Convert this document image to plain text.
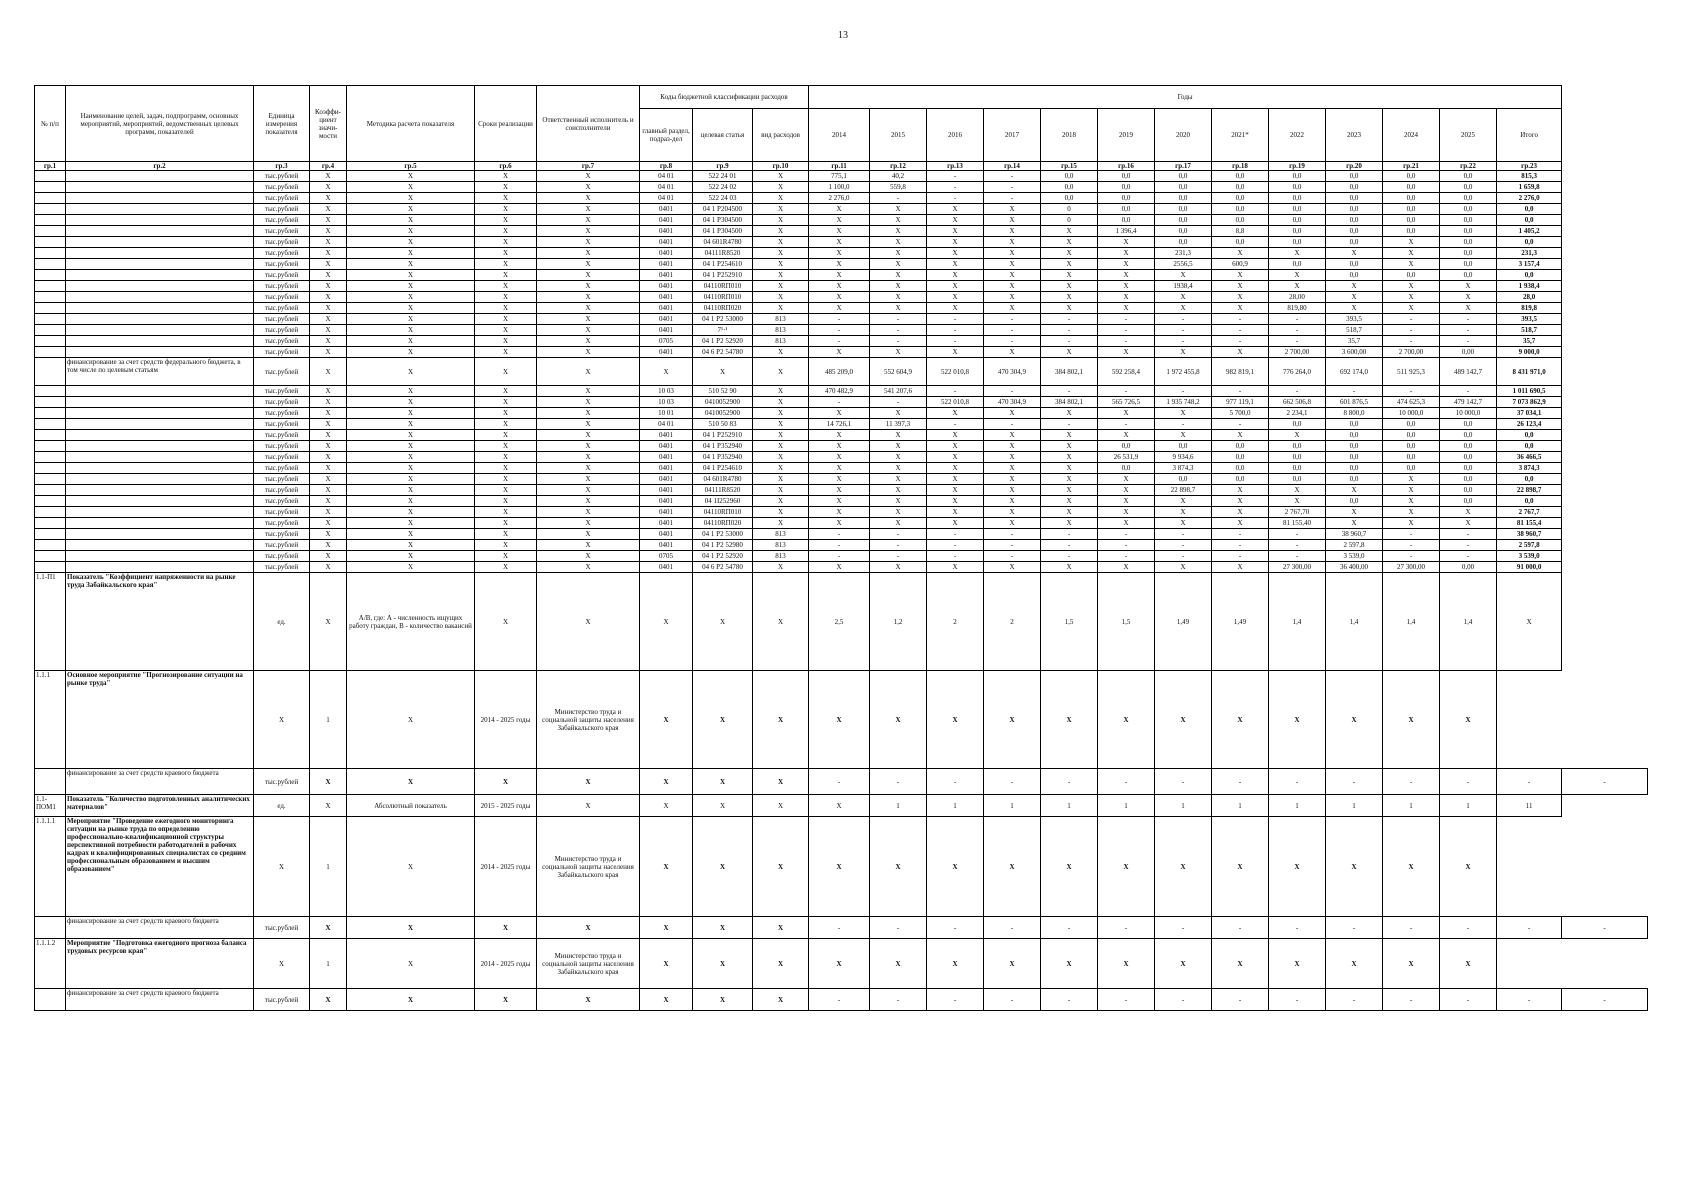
13
№ п/п	Наименование целей, задач, подпрограмм, основных мероприятий, мероприятий, ведомственных целевых программ, показателей	Единица измерения показателя	Коэффи-циент значи-мости	Методика расчета показателя	Сроки реализации	Ответственный исполнитель и соисполнители	Коды бюджетной классификации расходов			Годы													
							главный раздел, подраз-дел	целевая статья	вид расходов	2014	2015	2016	2017	2018	2019	2020	2021*	2022	2023	2024	2025	Итого	
гр.1	гр.2	гр.3	гр.4	гр.5	гр.6	гр.7	гр.8	гр.9	гр.10	гр.11	гр.12	гр.13	гр.14	гр.15	гр.16	гр.17	гр.18	гр.19	гр.20	гр.21	гр.22	гр.23	
		тыс.рублей	X	X	X	X	04 01	522 24 01	X	775,1	40,2	-	-	0,0	0,0	0,0	0,0	0,0	0,0	0,0	0,0	815,3	
		тыс.рублей	X	X	X	X	04 01	522 24 02	X	1 100,0	559,8	-	-	0,0	0,0	0,0	0,0	0,0	0,0	0,0	0,0	1 659,8	
		тыс.рублей	X	X	X	X	04 01	522 24 03	X	2 276,0	-	-	-	0,0	0,0	0,0	0,0	0,0	0,0	0,0	0,0	2 276,0	
		тыс.рублей	X	X	X	X	0401	04 1 P204500	X	X	X	X	X	0	0,0	0,0	0,0	0,0	0,0	0,0	0,0	0,0	
		тыс.рублей	X	X	X	X	0401	04 1 P304500	X	X	X	X	X	0	0,0	0,0	0,0	0,0	0,0	0,0	0,0	0,0	
		тыс.рублей	X	X	X	X	0401	04 1 P304500	X	X	X	X	X	X	1 396,4	0,0	8,8	0,0	0,0	0,0	0,0	1 405,2	
		тыс.рублей	X	X	X	X	0401	04 601R4780	X	X	X	X	X	X	X	0,0	0,0	0,0	0,0	X	0,0	0,0	
		тыс.рублей	X	X	X	X	0401	04111R8520	X	X	X	X	X	X	X	231,3	X	X	X	X	0,0	231,3	
		тыс.рублей	X	X	X	X	0401	04 1 P254610	X	X	X	X	X	X	X	2556,5	600,9	0,0	0,0	X	0,0	3 157,4	
		тыс.рублей	X	X	X	X	0401	04 1 P252910	X	X	X	X	X	X	X	X	X	X	0,0	0,0	0,0	0,0	
		тыс.рублей	X	X	X	X	0401	04110RП010	X	X	X	X	X	X	X	1938,4	X	X	X	X	X	1 938,4	
		тыс.рублей	X	X	X	X	0401	04110RП010	X	X	X	X	X	X	X	X	X	28,00	X	X	X	28,0	
		тыс.рублей	X	X	X	X	0401	04110RП020	X	X	X	X	X	X	X	X	X	819,80	X	X	X	819,8	
		тыс.рублей	X	X	X	X	0401	04 1 P2 53000	813	-	-	-	-	-	-	-	-	-	393,5	-	-	393,5	
		тыс.рублей	X	X	X	X	0401	7¹·¹	813	-	-	-	-	-	-	-	-	-	518,7	-	-	518,7	
		тыс.рублей	X	X	X	X	0705	04 1 P2 52920	813	-	-	-	-	-	-	-	-	-	35,7	-	-	35,7	
		тыс.рублей	X	X	X	X	0401	04 6 P2 54780	X	X	X	X	X	X	X	X	X	2 700,00	3 600,00	2 700,00	0,00	9 000,0	
	финансирование за счет средств федерального бюджета, в том числе по целевым статьям	тыс.рублей	X	X	X	X	X	X	X	485 209,0	552 604,9	522 010,8	470 304,9	384 802,1	592 258,4	1 972 455,8	982 819,1	776 264,0	692 174,0	511 925,3	489 142,7	8 431 971,0	
		тыс.рублей	X	X	X	X	10 03	510 52 90	X	470 482,9	541 207,6	-	-	-	-	-	-	-	-	-	-	1 011 690,5	
		тыс.рублей	X	X	X	X	10 03	0410052900	X	-	-	522 010,8	470 304,9	384 802,1	565 726,5	1 935 748,2	977 119,1	662 506,8	601 876,5	474 625,3	479 142,7	7 073 862,9	
		тыс.рублей	X	X	X	X	10 01	0410052900	X	X	X	X	X	X	X	X	5 700,0	2 234,1	8 800,0	10 000,0	10 000,0	37 034,1	
		тыс.рублей	X	X	X	X	04 01	510 50 83	X	14 726,1	11 397,3	-	-	-	-	-	-	0,0	0,0	0,0	0,0	26 123,4	
		тыс.рублей	X	X	X	X	0401	04 1 P252910	X	X	X	X	X	X	X	X	X	X	0,0	0,0	0,0	0,0	
		тыс.рублей	X	X	X	X	0401	04 1 P352940	X	X	X	X	X	X	0,0	0,0	0,0	0,0	0,0	0,0	0,0	0,0	
		тыс.рублей	X	X	X	X	0401	04 1 P352940	X	X	X	X	X	X	26 531,9	9 934,6	0,0	0,0	0,0	0,0	0,0	36 466,5	
		тыс.рублей	X	X	X	X	0401	04 1 P254610	X	X	X	X	X	X	0,0	3 874,3	0,0	0,0	0,0	0,0	0,0	3 874,3	
		тыс.рублей	X	X	X	X	0401	04 601R4780	X	X	X	X	X	X	X	0,0	0,0	0,0	0,0	X	0,0	0,0	
		тыс.рублей	X	X	X	X	0401	04111R8520	X	X	X	X	X	X	X	22 898,7	X	X	X	X	0,0	22 898,7	
		тыс.рублей	X	X	X	X	0401	04 1I252960	X	X	X	X	X	X	X	X	X	X	0,0	X	0,0	0,0	
		тыс.рублей	X	X	X	X	0401	04110RП010	X	X	X	X	X	X	X	X	X	2 767,70	X	X	X	2 767,7	
		тыс.рублей	X	X	X	X	0401	04110RП020	X	X	X	X	X	X	X	X	X	81 155,40	X	X	X	81 155,4	
		тыс.рублей	X	X	X	X	0401	04 1 P2 53000	813	-	-	-	-	-	-	-	-	-	38 960,7	-	-	38 960,7	
		тыс.рублей	X	X	X	X	0401	04 1 P2 52980	813	-	-	-	-	-	-	-	-	-	2 597,8	-	-	2 597,8	
		тыс.рублей	X	X	X	X	0705	04 1 P2 52920	813	-	-	-	-	-	-	-	-	-	3 539,0	-	-	3 539,0	
		тыс.рублей	X	X	X	X	0401	04 6 P2 54780	X	X	X	X	X	X	X	X	X	27 300,00	36 400,00	27 300,00	0,00	91 000,0	
1.1-П1	Показатель "Коэффициент напряженности на рынке труда Забайкальского края"	ед.	X	А/В, где: А - численность ищущих работу граждан, В - количество вакансий	X	X	X	X	X	2,5	1,2	2	2	1,5	1,5	1,49	1,49	1,4	1,4	1,4	1,4	X	
1.1.1	Основное мероприятие "Прогнозирование ситуации на рынке труда"	X	1	X	2014 - 2025 годы	Министерство труда и социальной защиты населения Забайкальского края	X	X	X	X	X	X	X	X	X	X	X	X	X	X	X		
	финансирование за счет средств краевого бюджета	тыс.рублей	X	X	X	X	X	X	X	-	-	-	-	-	-	-	-	-	-	-	-	-	-
1.1-ПОМ1	Показатель "Количество подготовленных аналитических материалов"	ед.	X	Абсолютный показатель	2015 - 2025 годы	X	X	X	X	X	1	1	1	1	1	1	1	1	1	1	1	11	
1.1.1.1	Мероприятие "Проведение ежегодного мониторинга ситуации на рынке труда по определению профессионально-квалификационной структуры перспективной потребности работодателей в рабочих кадрах и квалифицированных специалистах со средним профессиональным образованием и высшим образованием"	X	1	X	2014 - 2025 годы	Министерство труда и социальной защиты населения Забайкальского края	X	X	X	X	X	X	X	X	X	X	X	X	X	X	X		
	финансирование за счет средств краевого бюджета	тыс.рублей	X	X	X	X	X	X	X	-	-	-	-	-	-	-	-	-	-	-	-	-	-
1.1.1.2	Мероприятие "Подготовка ежегодного прогноза баланса трудовых ресурсов края"	X	1	X	2014 - 2025 годы	Министерство труда и социальной защиты населения Забайкальского края	X	X	X	X	X	X	X	X	X	X	X	X	X	X	X		
	финансирование за счет средств краевого бюджета	тыс.рублей	X	X	X	X	X	X	X	-	-	-	-	-	-	-	-	-	-	-	-	-	-
